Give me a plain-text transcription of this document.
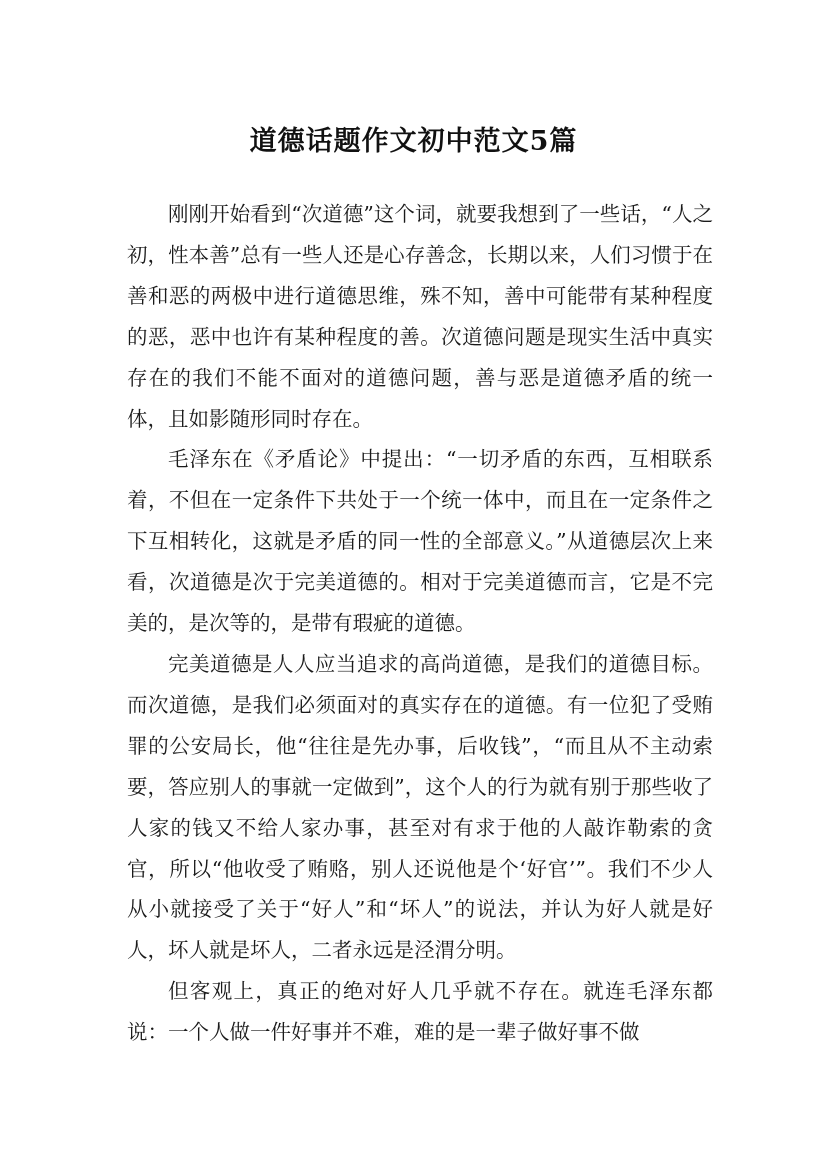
道德话题作文初中范文5篇

刚刚开始看到“次道德”这个词，就要我想到了一些话，“人之初，性本善”总有一些人还是心存善念，长期以来，人们习惯于在善和恶的两极中进行道德思维，殊不知，善中可能带有某种程度的恶，恶中也许有某种程度的善。次道德问题是现实生活中真实存在的我们不能不面对的道德问题，善与恶是道德矛盾的统一体，且如影随形同时存在。

毛泽东在《矛盾论》中提出：“一切矛盾的东西，互相联系着，不但在一定条件下共处于一个统一体中，而且在一定条件之下互相转化，这就是矛盾的同一性的全部意义。”从道德层次上来看，次道德是次于完美道德的。相对于完美道德而言，它是不完美的，是次等的，是带有瑕疵的道德。

完美道德是人人应当追求的高尚道德，是我们的道德目标。而次道德，是我们必须面对的真实存在的道德。有一位犯了受贿罪的公安局长，他“往往是先办事，后收钱”，“而且从不主动索要，答应别人的事就一定做到”，这个人的行为就有别于那些收了人家的钱又不给人家办事，甚至对有求于他的人敲诈勒索的贪官，所以“他收受了贿赂，别人还说他是个‘好官’”。我们不少人从小就接受了关于“好人”和“坏人”的说法，并认为好人就是好人，坏人就是坏人，二者永远是泾渭分明。

但客观上，真正的绝对好人几乎就不存在。就连毛泽东都说：一个人做一件好事并不难，难的是一辈子做好事不做
